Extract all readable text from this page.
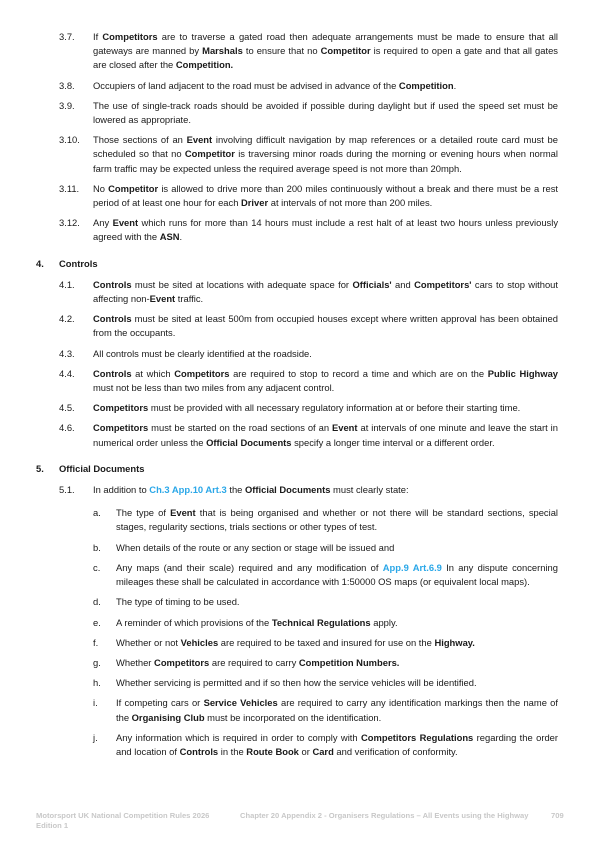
3.7.	If Competitors are to traverse a gated road then adequate arrangements must be made to ensure that all gateways are manned by Marshals to ensure that no Competitor is required to open a gate and that all gates are closed after the Competition.
3.8.	Occupiers of land adjacent to the road must be advised in advance of the Competition.
3.9.	The use of single-track roads should be avoided if possible during daylight but if used the speed set must be lowered as appropriate.
3.10.	Those sections of an Event involving difficult navigation by map references or a detailed route card must be scheduled so that no Competitor is traversing minor roads during the morning or evening hours when normal farm traffic may be expected unless the required average speed is not more than 20mph.
3.11.	No Competitor is allowed to drive more than 200 miles continuously without a break and there must be a rest period of at least one hour for each Driver at intervals of not more than 200 miles.
3.12.	Any Event which runs for more than 14 hours must include a rest halt of at least two hours unless previously agreed with the ASN.
4.	Controls
4.1.	Controls must be sited at locations with adequate space for Officials' and Competitors' cars to stop without affecting non-Event traffic.
4.2.	Controls must be sited at least 500m from occupied houses except where written approval has been obtained from the occupants.
4.3.	All controls must be clearly identified at the roadside.
4.4.	Controls at which Competitors are required to stop to record a time and which are on the Public Highway must not be less than two miles from any adjacent control.
4.5.	Competitors must be provided with all necessary regulatory information at or before their starting time.
4.6.	Competitors must be started on the road sections of an Event at intervals of one minute and leave the start in numerical order unless the Official Documents specify a longer time interval or a different order.
5.	Official Documents
5.1.	In addition to Ch.3 App.10 Art.3 the Official Documents must clearly state:
a.	The type of Event that is being organised and whether or not there will be standard sections, special stages, regularity sections, trials sections or other types of test.
b.	When details of the route or any section or stage will be issued and
c.	Any maps (and their scale) required and any modification of App.9 Art.6.9 In any dispute concerning mileages these shall be calculated in accordance with 1:50000 OS maps (or equivalent local maps).
d.	The type of timing to be used.
e.	A reminder of which provisions of the Technical Regulations apply.
f.	Whether or not Vehicles are required to be taxed and insured for use on the Highway.
g.	Whether Competitors are required to carry Competition Numbers.
h.	Whether servicing is permitted and if so then how the service vehicles will be identified.
i.	If competing cars or Service Vehicles are required to carry any identification markings then the name of the Organising Club must be incorporated on the identification.
j.	Any information which is required in order to comply with Competitors Regulations regarding the order and location of Controls in the Route Book or Card and verification of conformity.
Motorsport UK National Competition Rules 2026 Edition 1
Chapter 20 Appendix 2 - Organisers Regulations – All Events using the Highway	709
